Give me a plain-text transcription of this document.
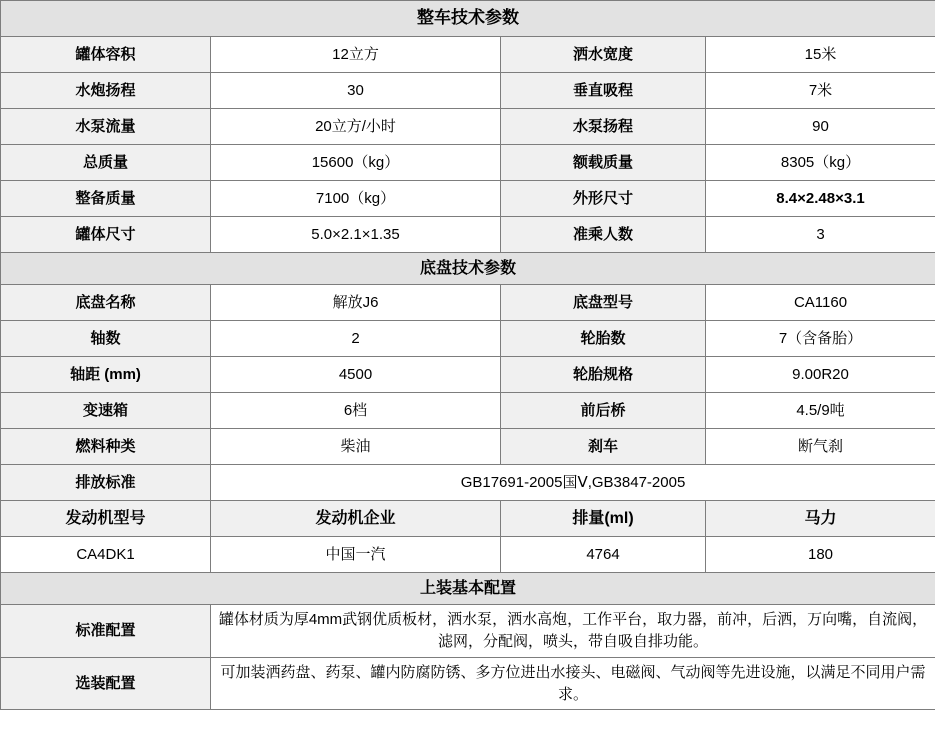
整车技术参数			
罐体容积	12立方	洒水宽度	15米
水炮扬程	30	垂直吸程	7米
水泵流量	20立方/小时	水泵扬程	90
总质量	15600（kg）	额载质量	8305（kg）
整备质量	7100（kg）	外形尺寸	8.4×2.48×3.1
罐体尺寸	5.0×2.1×1.35	准乘人数	3
底盘技术参数			
底盘名称	解放J6	底盘型号	CA1160
轴数	2	轮胎数	7（含备胎）
轴距 (mm)	4500	轮胎规格	9.00R20
变速箱	6档	前后桥	4.5/9吨
燃料种类	柴油	刹车	断气刹
排放标准	GB17691-2005国Ⅴ,GB3847-2005		
发动机型号	发动机企业	排量(ml)	马力
CA4DK1	中国一汽	4764	180
上装基本配置			
标准配置	罐体材质为厚4mm武钢优质板材，洒水泵，洒水高炮，工作平台，取力器，前冲，后洒，万向嘴，自流阀，滤网，分配阀，喷头，带自吸自排功能。		
选装配置	可加装洒药盘、药泵、罐内防腐防锈、多方位进出水接头、电磁阀、气动阀等先进设施，以满足不同用户需求。		
